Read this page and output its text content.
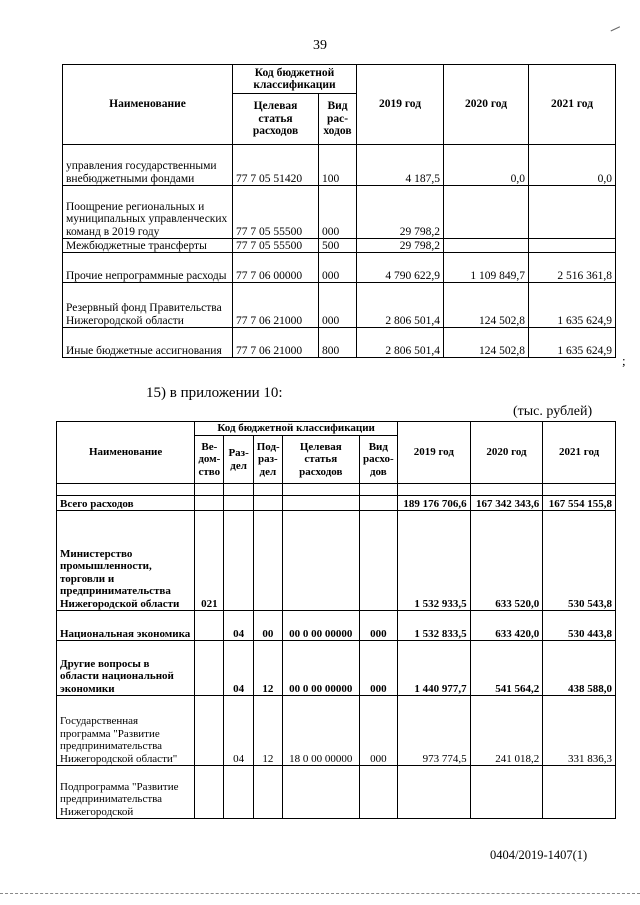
39
Наименование	Код бюджетной классификации		2019 год	2020 год	2021 год
	Целевая статья расходов	Вид рас-ходов			
управления государственными внебюджетными фондами	77 7 05 51420	100	4 187,5	0,0	0,0
Поощрение региональных и муниципальных управленческих команд в 2019 году	77 7 05 55500	000	29 798,2		
Межбюджетные трансферты	77 7 05 55500	500	29 798,2		
Прочие непрограммные расходы	77 7 06 00000	000	4 790 622,9	1 109 849,7	2 516 361,8
Резервный фонд Правительства Нижегородской области	77 7 06 21000	000	2 806 501,4	124 502,8	1 635 624,9
Иные бюджетные ассигнования	77 7 06 21000	800	2 806 501,4	124 502,8	1 635 624,9
;
15) в приложении 10:
(тыс. рублей)
Наименование	Код бюджетной классификации					2019 год	2020 год	2021 год
	Ве-дом-ство	Раз-дел	Под-раз-дел	Целевая статья расходов	Вид расхо-дов			

Всего расходов						189 176 706,6	167 342 343,6	167 554 155,8
Министерство промышленности, торговли и предпринимательства Нижегородской области	021					1 532 933,5	633 520,0	530 543,8
Национальная экономика		04	00	00 0 00 00000	000	1 532 833,5	633 420,0	530 443,8
Другие вопросы в области национальной экономики		04	12	00 0 00 00000	000	1 440 977,7	541 564,2	438 588,0
Государственная программа "Развитие предпринимательства Нижегородской области"		04	12	18 0 00 00000	000	973 774,5	241 018,2	331 836,3
Подпрограмма "Развитие предпринимательства Нижегородской								
0404/2019-1407(1)
